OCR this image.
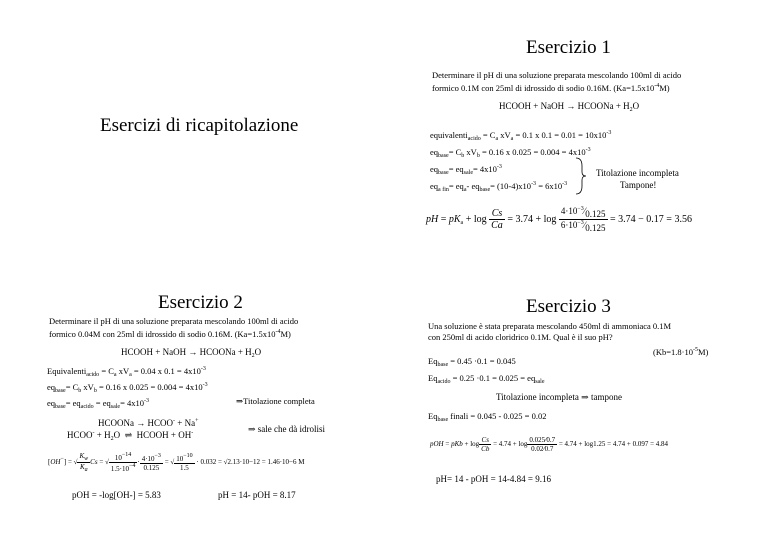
Esercizio 1
Determinare il pH di una soluzione preparata mescolando 100ml di acido
formico 0.1M con 25ml di idrossido di sodio 0.16M. $(Ka=1.5x10^{-4}M)$
HCOOH + NaOH → HCOONa + $H_2O$
Esercizi di ricapitolazione	equivalenti$_{acido}$ = $C_a$ $xV_a = 0.1$ x $0.1 = 0.01 = 10x10^{-3}$
$eq_{base}= C_b$ $xV_b = 0.16$ x $0.025 = 0.004 = 4x10^{-3}$
$eq_{base}= eq_{sale}= 4x10^{-3}$
$eq_{a fin}= eq_a-$ $eq_{base}= (10-4)x10^{-3} = 6x10^{-3}$
Titolazione incompleta
Tampone!
pH = $pK_a + \log \frac{Cs}{Ca} = 3.74 + \log \frac{4\cdot 10^{-3}⁄0.125}{6\cdot 10^{-3}⁄0.125} = 3.74 - 0.17 = 3.56$
Esercizio 2
Determinare il pH di una soluzione preparata mescolando 100ml di acido
formico 0.04M con 25ml di idrossido di sodio 0.16M. $(Ka=1.5x10^{-4}M)$
HCOOH + NaOH → HCOONa + $H_2O$
Equivalenti$_{acido}$ = $C_a$ $xV_a = 0.04$ x $0.1 = 4x10^{-3}$
$eq_{base}= C_b$ $xV_b = 0.16$ x $0.025 = 0.004 = 4x10^{-3}$
$eq_{base}= eq_{acido} = eq_{sale}= 4x10^{-3}$	⇒Titolazione completa
HCOONa → HCOO- + Na+
HCOO- + $H_2O$  ⇌  HCOOH + OH-	⇒ sale che dà idrolisi
[OH−] = √ $\frac{Kw}{Ka}$ Cs = √ $\frac{10-14}{1.5\cdot 10-4} \cdot \frac{4\cdot 10-3}{0.125}$ = √ $\frac{10-10}{1.5} \cdot 0.032 = √2.13\cdot 10-12 = 1.46\cdot 10-6$ M
pOH = -log[OH-] = 5.83	pH = 14- pOH = 8.17
Esercizio 3
Una soluzione è stata preparata mescolando 450ml di ammoniaca 0.1M
con 250ml di acido cloridrico 0.1M. Qual è il suo pH?
$(Kb=1.8\cdot 10^{-5}M)$
$Eq_{base} = 0.45 \cdot 0.1 = 0.045$
$Eq_{acido} = 0.25 \cdot 0.1 = 0.025 = eq_{sale}$
Titolazione incompleta ⇒ tampone
$Eq_{base}$ finali = 0.045 - 0.025 = 0.02
pOH = pKb + $\log \frac{Cs}{Cb} = 4.74 + \log \frac{0.025⁄0.7}{0.02⁄0.7} = 4.74 + \log 1.25 = 4.74 + 0.097 = 4.84$
pH= 14 - pOH = 14-4.84 = 9.16
